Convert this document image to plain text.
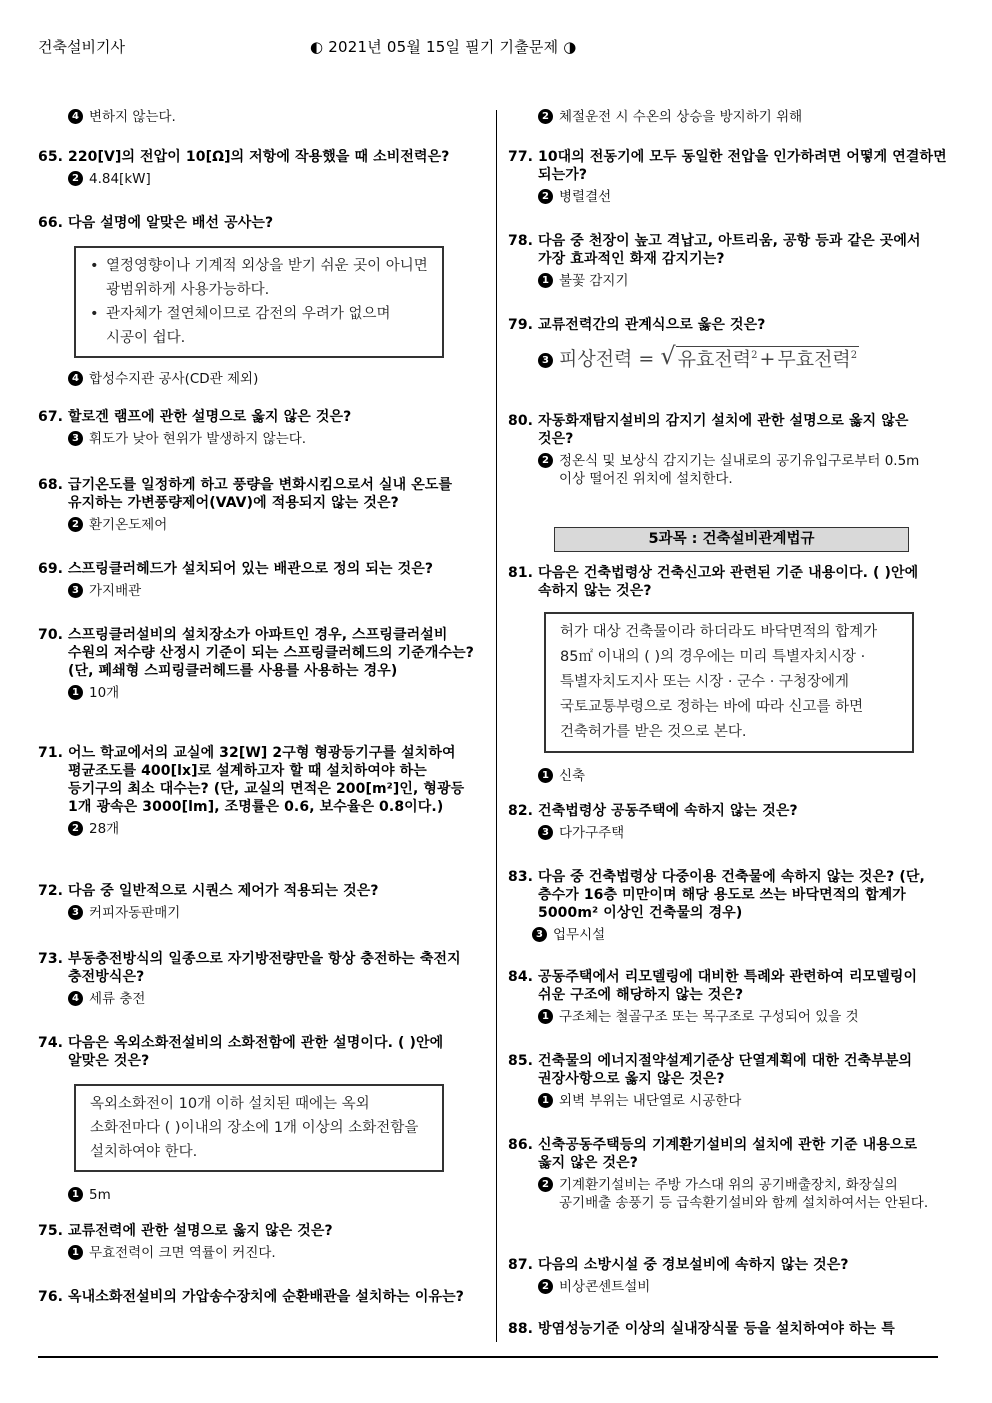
건축설비기사	◐ 2021년 05월 15일 필기 기출문제 ◑
4 변하지 않는다.
65. 220[V]의 전압이 10[Ω]의 저항에 작용했을 때 소비전력은?
2 4.84[kW]
66. 다음 설명에 알맞은 배선 공사는?
• 열정영향이나 기계적 외상을 받기 쉬운 곳이 아니면 광범위하게 사용가능하다.
• 관자체가 절연체이므로 감전의 우려가 없으며 시공이 쉽다.
4 합성수지관 공사(CD관 제외)
67. 할로겐 램프에 관한 설명으로 옳지 않은 것은?
3 휘도가 낮아 현위가 발생하지 않는다.
68. 급기온도를 일정하게 하고 풍량을 변화시킴으로서 실내 온도를 유지하는 가변풍량제어(VAV)에 적용되지 않는 것은?
2 환기온도제어
69. 스프링클러헤드가 설치되어 있는 배관으로 정의 되는 것은?
3 가지배관
70. 스프링클러설비의 설치장소가 아파트인 경우, 스프링클러설비 수원의 저수량 산정시 기준이 되는 스프링클러헤드의 기준개수는? (단, 폐쇄형 스피링클러헤드를 사용를 사용하는 경우)
1 10개
71. 어느 학교에서의 교실에 32[W] 2구형 형광등기구를 설치하여 평균조도를 400[lx]로 설계하고자 할 때 설치하여야 하는 등기구의 최소 대수는? (단, 교실의 면적은 200[m²]인, 형광등 1개 광속은 3000[lm], 조명률은 0.6, 보수율은 0.8이다.)
2 28개
72. 다음 중 일반적으로 시퀀스 제어가 적용되는 것은?
3 커피자동판매기
73. 부동충전방식의 일종으로 자기방전량만을 항상 충전하는 축전지 충전방식은?
4 세류 충전
74. 다음은 옥외소화전설비의 소화전함에 관한 설명이다. ( )안에 알맞은 것은?
옥외소화전이 10개 이하 설치된 때에는 옥외 소화전마다 ( )이내의 장소에 1개 이상의 소화전함을 설치하여야 한다.
1 5m
75. 교류전력에 관한 설명으로 옳지 않은 것은?
1 무효전력이 크면 역률이 커진다.
76. 옥내소화전설비의 가압송수장치에 순환배관을 설치하는 이유는?
2 체절운전 시 수온의 상승을 방지하기 위해
77. 10대의 전동기에 모두 동일한 전압을 인가하려면 어떻게 연결하면 되는가?
2 병렬결선
78. 다음 중 천장이 높고 격납고, 아트리움, 공항 등과 같은 곳에서 가장 효과적인 화재 감지기는?
1 불꽃 감지기
79. 교류전력간의 관계식으로 옳은 것은?
3 피상전력 = √ 유효전력$^2$ + 무효전력$^2$
80. 자동화재탐지설비의 감지기 설치에 관한 설명으로 옳지 않은 것은?
2 정온식 및 보상식 감지기는 실내로의 공기유입구로부터 0.5m 이상 떨어진 위치에 설치한다.
5과목 : 건축설비관계법규
81. 다음은 건축법령상 건축신고와 관련된 기준 내용이다. ( )안에 속하지 않는 것은?
허가 대상 건축물이라 하더라도 바닥면적의 합계가 85㎡ 이내의 ( )의 경우에는 미리 특별자치시장 · 특별자치도지사 또는 시장 · 군수 · 구청장에게 국토교통부령으로 정하는 바에 따라 신고를 하면 건축허가를 받은 것으로 본다.
1 신축
82. 건축법령상 공동주택에 속하지 않는 것은?
3 다가구주택
83. 다음 중 건축법령상 다중이용 건축물에 속하지 않는 것은? (단, 층수가 16층 미만이며 해당 용도로 쓰는 바닥면적의 합계가 5000m² 이상인 건축물의 경우)
3 업무시설
84. 공동주택에서 리모델링에 대비한 특례와 관련하여 리모델링이 쉬운 구조에 해당하지 않는 것은?
1 구조체는 철골구조 또는 목구조로 구성되어 있을 것
85. 건축물의 에너지절약설계기준상 단열계획에 대한 건축부분의 권장사항으로 옳지 않은 것은?
1 외벽 부위는 내단열로 시공한다
86. 신축공동주택등의 기계환기설비의 설치에 관한 기준 내용으로 옳지 않은 것은?
2 기계환기설비는 주방 가스대 위의 공기배출장치, 화장실의 공기배출 송풍기 등 급속환기설비와 함께 설치하여서는 안된다.
87. 다음의 소방시설 중 경보설비에 속하지 않는 것은?
2 비상콘센트설비
88. 방염성능기준 이상의 실내장식물 등을 설치하여야 하는 특
